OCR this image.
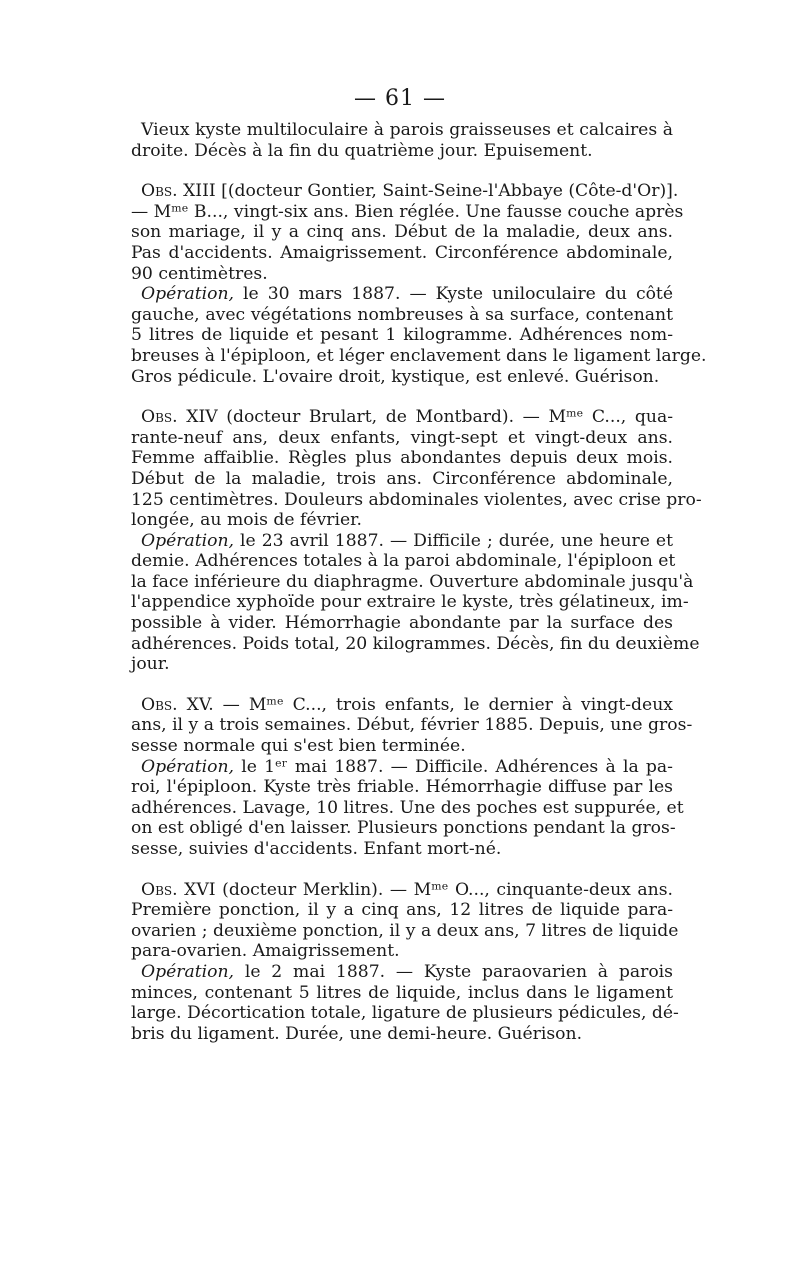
— 61 —
Vieux kyste multiloculaire à parois graisseuses et calcaires à
droite. Décès à la fin du quatrième jour. Epuisement.
Obs. XIII [(docteur Gontier, Saint-Seine-l'Abbaye (Côte-d'Or)].
— Mᵐᵉ B..., vingt-six ans. Bien réglée. Une fausse couche après
son mariage, il y a cinq ans. Début de la maladie, deux ans.
Pas d'accidents. Amaigrissement. Circonférence abdominale,
90 centimètres.
Opération, le 30 mars 1887. — Kyste uniloculaire du côté
gauche, avec végétations nombreuses à sa surface, contenant
5 litres de liquide et pesant 1 kilogramme. Adhérences nom-
breuses à l'épiploon, et léger enclavement dans le ligament large.
Gros pédicule. L'ovaire droit, kystique, est enlevé. Guérison.
Obs. XIV (docteur Brulart, de Montbard). — Mᵐᵉ C..., qua-
rante-neuf ans, deux enfants, vingt-sept et vingt-deux ans.
Femme affaiblie. Règles plus abondantes depuis deux mois.
Début de la maladie, trois ans. Circonférence abdominale,
125 centimètres. Douleurs abdominales violentes, avec crise pro-
longée, au mois de février.
Opération, le 23 avril 1887. — Difficile ; durée, une heure et
demie. Adhérences totales à la paroi abdominale, l'épiploon et
la face inférieure du diaphragme. Ouverture abdominale jusqu'à
l'appendice xyphoïde pour extraire le kyste, très gélatineux, im-
possible à vider. Hémorrhagie abondante par la surface des
adhérences. Poids total, 20 kilogrammes. Décès, fin du deuxième
jour.
Obs. XV. — Mᵐᵉ C..., trois enfants, le dernier à vingt-deux
ans, il y a trois semaines. Début, février 1885. Depuis, une gros-
sesse normale qui s'est bien terminée.
Opération, le 1ᵉʳ mai 1887. — Difficile. Adhérences à la pa-
roi, l'épiploon. Kyste très friable. Hémorrhagie diffuse par les
adhérences. Lavage, 10 litres. Une des poches est suppurée, et
on est obligé d'en laisser. Plusieurs ponctions pendant la gros-
sesse, suivies d'accidents. Enfant mort-né.
Obs. XVI (docteur Merklin). — Mᵐᵉ O..., cinquante-deux ans.
Première ponction, il y a cinq ans, 12 litres de liquide para-
ovarien ; deuxième ponction, il y a deux ans, 7 litres de liquide
para-ovarien. Amaigrissement.
Opération, le 2 mai 1887. — Kyste paraovarien à parois
minces, contenant 5 litres de liquide, inclus dans le ligament
large. Décortication totale, ligature de plusieurs pédicules, dé-
bris du ligament. Durée, une demi-heure. Guérison.
